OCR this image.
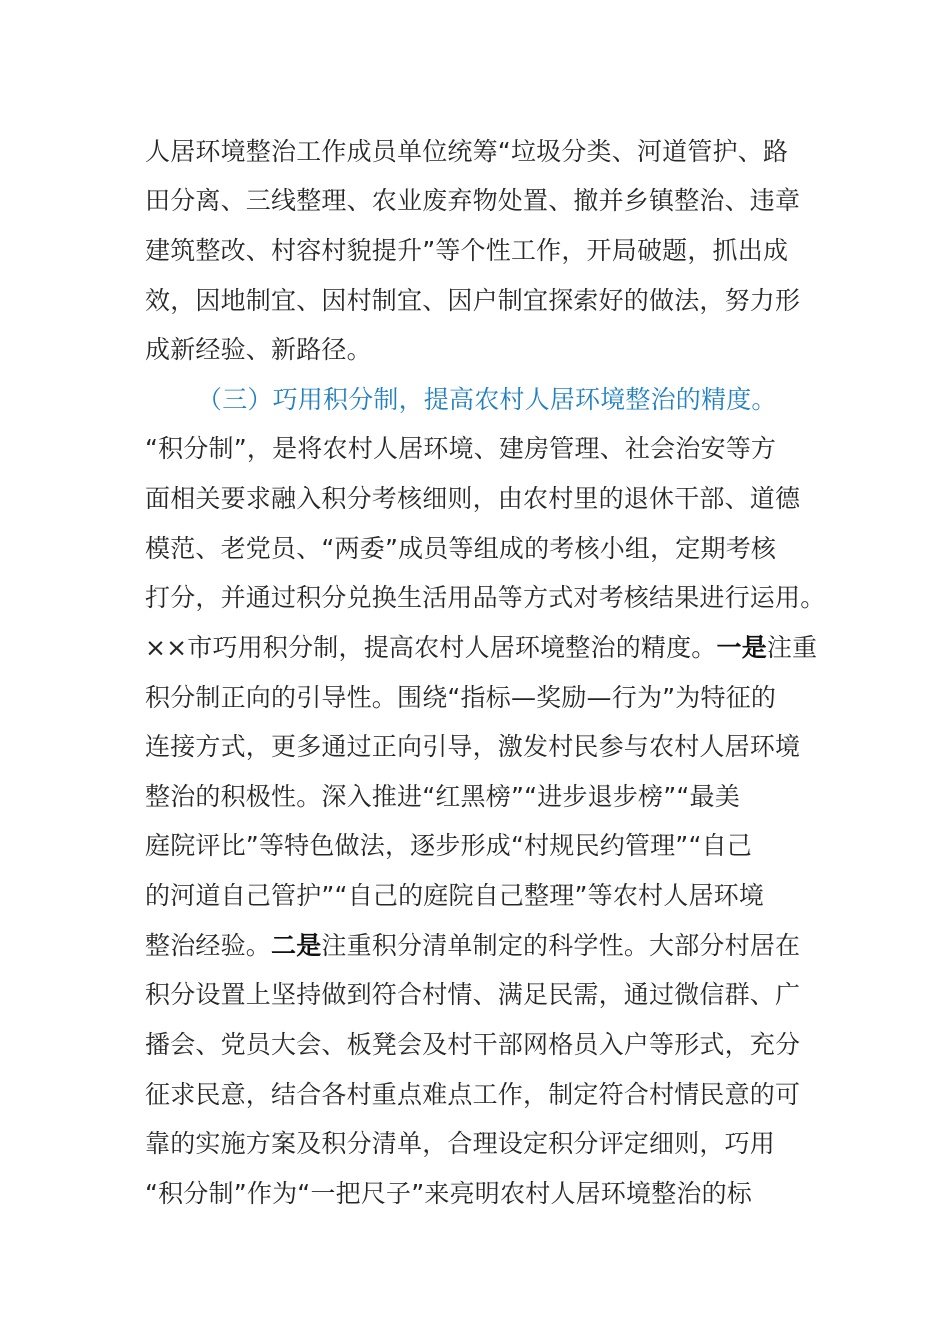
人居环境整治工作成员单位统筹“垃圾分类、河道管护、路
田分离、三线整理、农业废弃物处置、撤并乡镇整治、违章
建筑整改、村容村貌提升”等个性工作，开局破题，抓出成
效，因地制宜、因村制宜、因户制宜探索好的做法，努力形
成新经验、新路径。
（三）巧用积分制，提高农村人居环境整治的精度。
“积分制”，是将农村人居环境、建房管理、社会治安等方
面相关要求融入积分考核细则，由农村里的退休干部、道德
模范、老党员、“两委”成员等组成的考核小组，定期考核
打分，并通过积分兑换生活用品等方式对考核结果进行运用。
××市巧用积分制，提高农村人居环境整治的精度。一是注重
积分制正向的引导性。围绕“指标—奖励—行为”为特征的
连接方式，更多通过正向引导，激发村民参与农村人居环境
整治的积极性。深入推进“红黑榜”“进步退步榜”“最美
庭院评比”等特色做法，逐步形成“村规民约管理”“自己
的河道自己管护”“自己的庭院自己整理”等农村人居环境
整治经验。二是注重积分清单制定的科学性。大部分村居在
积分设置上坚持做到符合村情、满足民需，通过微信群、广
播会、党员大会、板凳会及村干部网格员入户等形式，充分
征求民意，结合各村重点难点工作，制定符合村情民意的可
靠的实施方案及积分清单，合理设定积分评定细则，巧用
“积分制”作为“一把尺子”来亮明农村人居环境整治的标
